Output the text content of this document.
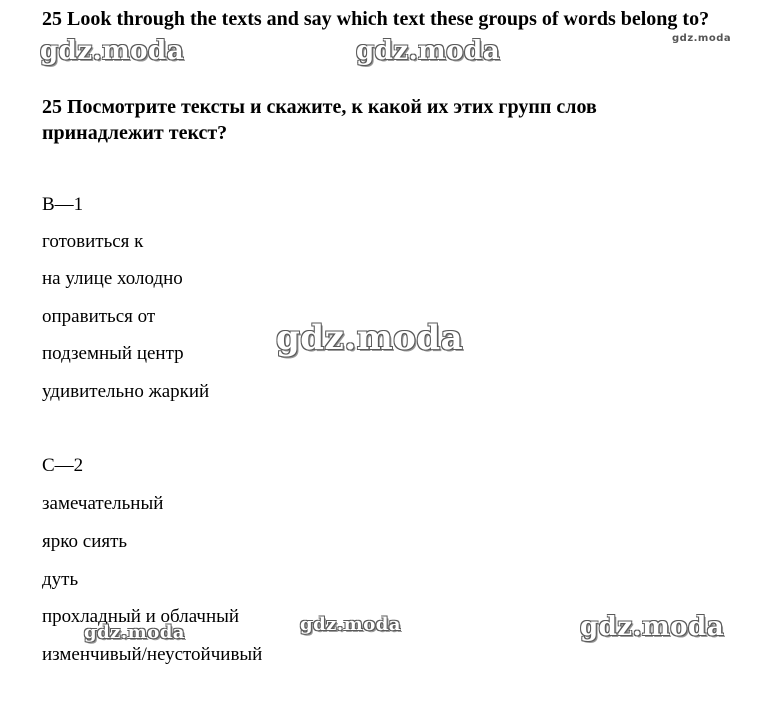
25 Look through the texts and say which text these groups of words belong to?
25 Посмотрите тексты и скажите, к какой их этих групп слов
принадлежит текст?
B—1
готовиться к
на улице холодно
оправиться от
подземный центр
удивительно жаркий
C—2
замечательный
ярко сиять
дуть
прохладный и облачный
изменчивый/неустойчивый
gdz.moda	gdz.moda	gdz.moda
gdz.moda
gdz.moda	gdz.moda	gdz.moda
